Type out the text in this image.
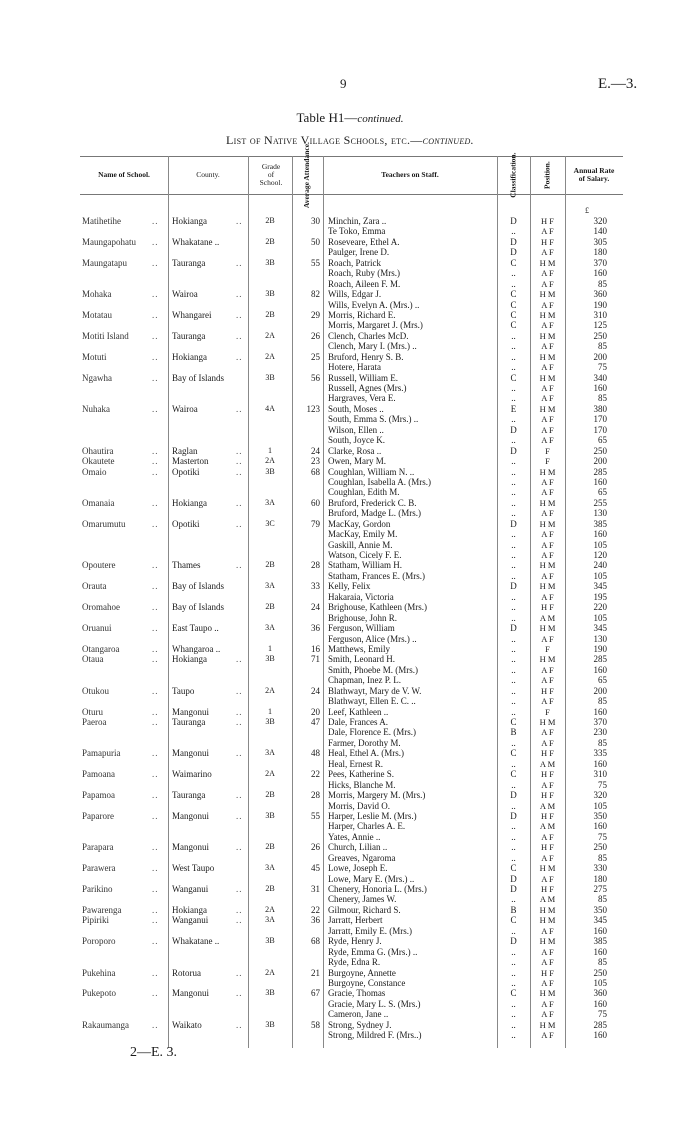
9	E.—3.
Table H1—continued.
List of Native Village Schools, etc.—continued.
Name of School.	County.
Grade of School.	Average Attendance.	Teachers on Staff.	Classification.	Position.	Annual Rate of Salary.
Matihetihe ..	Hokianga ..	2B	30 Minchin, Zara ..	D	H F	320
Te Toko, Emma	..	A F	140
Maungapohatu ..	Whakatane ..	2B	50 Roseveare, Ethel A.	D	H F	305
Paulger, Irene D.	D	A F	180
Maungatapu ..	Tauranga ..	3B	55 Roach, Patrick	C	H M	370
Roach, Ruby (Mrs.)	..	A F	160
Roach, Aileen F. M.	..	A F	85
Mohaka ..	Wairoa ..	3B	82 Wills, Edgar J.	C	H M	360
Wills, Evelyn A. (Mrs.) ..	C	A F	190
Motatau ..	Whangarei ..	2B	29 Morris, Richard E.	C	H M	310
Morris, Margaret J. (Mrs.)	C	A F	125
Motiti Island ..	Tauranga ..	2A	26 Clench, Charles McD.	..	H M	250
Clench, Mary I. (Mrs.) ..	..	A F	85
Motuti ..	Hokianga ..	2A	25 Bruford, Henry S. B.	..	H M	200
Hotere, Harata	..	A F	75
Ngawha ..	Bay of Islands	3B	56 Russell, William E.	C	H M	340
Russell, Agnes (Mrs.)	..	A F	160
Hargraves, Vera E.	..	A F	85
Nuhaka ..	Wairoa ..	4A	123 South, Moses ..	E	H M	380
South, Emma S. (Mrs.) ..	..	A F	170
Wilson, Ellen ..	D	A F	170
South, Joyce K.	..	A F	65
Ohautira ..	Raglan ..	1	24 Clarke, Rosa ..	D	F	250
Okautete ..	Masterton ..	2A	23 Owen, Mary M.	..	F	200
Omaio ..	Opotiki ..	3B	68 Coughlan, William N. ..	..	H M	285
Coughlan, Isabella A. (Mrs.)	..	A F	160
Coughlan, Edith M.	..	A F	65
Omanaia ..	Hokianga ..	3A	60 Bruford, Frederick C. B.	..	H M	255
Bruford, Madge L. (Mrs.)	..	A F	130
Omarumutu ..	Opotiki ..	3C	79 MacKay, Gordon	D	H M	385
MacKay, Emily M.	..	A F	160
Gaskill, Annie M.	..	A F	105
Watson, Cicely F. E.	..	A F	120
Opoutere ..	Thames ..	2B	28 Statham, William H.	..	H M	240
Statham, Frances E. (Mrs.)	..	A F	105
Orauta ..	Bay of Islands	3A	33 Kelly, Felix	D	H M	345
Hakaraia, Victoria	..	A F	195
Oromahoe ..	Bay of Islands	2B	24 Brighouse, Kathleen (Mrs.)	..	H F	220
Brighouse, John R.	..	A M	105
Oruanui ..	East Taupo ..	3A	36 Ferguson, William	D	H M	345
Ferguson, Alice (Mrs.) ..	..	A F	130
Otangaroa ..	Whangaroa ..	1	16 Matthews, Emily	..	F	190
Otaua ..	Hokianga ..	3B	71 Smith, Leonard H.	..	H M	285
Smith, Phoebe M. (Mrs.)	..	A F	160
Chapman, Inez P. L.	..	A F	65
Otukou ..	Taupo ..	2A	24 Blathwayt, Mary de V. W.	..	H F	200
Blathwayt, Ellen E. C. ..	..	A F	85
Oturu ..	Mangonui ..	1	20 Leef, Kathleen ..	..	F	160
Paeroa ..	Tauranga ..	3B	47 Dale, Frances A.	C	H M	370
Dale, Florence E. (Mrs.)	B	A F	230
Farmer, Dorothy M.	..	A F	85
Pamapuria ..	Mangonui ..	3A	48 Heal, Ethel A. (Mrs.)	C	H F	335
Heal, Ernest R.	..	A M	160
Pamoana ..	Waimarino	2A	22 Pees, Katherine S.	C	H F	310
Hicks, Blanche M.	..	A F	75
Papamoa ..	Tauranga ..	2B	28 Morris, Margery M. (Mrs.)	D	H F	320
Morris, David O.	..	A M	105
Paparore ..	Mangonui ..	3B	55 Harper, Leslie M. (Mrs.)	D	H F	350
Harper, Charles A. E.	..	A M	160
Yates, Annie ..	..	A F	75
Parapara ..	Mangonui ..	2B	26 Church, Lilian ..	..	H F	250
Greaves, Ngaroma	..	A F	85
Parawera ..	West Taupo	3A	45 Lowe, Joseph E.	C	H M	330
Lowe, Mary E. (Mrs.) ..	D	A F	180
Parikino ..	Wanganui ..	2B	31 Chenery, Honoria L. (Mrs.)	D	H F	275
Chenery, James W.	..	A M	85
Pawarenga ..	Hokianga ..	2A	22 Gilmour, Richard S.	B	H M	350
Pipiriki ..	Wanganui ..	3A	36 Jarratt, Herbert	C	H M	345
Jarratt, Emily E. (Mrs.)	..	A F	160
Poroporo ..	Whakatane ..	3B	68 Ryde, Henry J.	D	H M	385
Ryde, Emma G. (Mrs.) ..	..	A F	160
Ryde, Edna R.	..	A F	85
Pukehina ..	Rotorua ..	2A	21 Burgoyne, Annette	..	H F	250
Burgoyne, Constance	..	A F	105
Pukepoto ..	Mangonui ..	3B	67 Gracie, Thomas	C	H M	360
Gracie, Mary L. S. (Mrs.)	..	A F	160
Cameron, Jane ..	..	A F	75
Rakaumanga ..	Waikato ..	3B	58 Strong, Sydney J.	..	H M	285
Strong, Mildred F. (Mrs..)	..	A F	160
£
2—E. 3.
